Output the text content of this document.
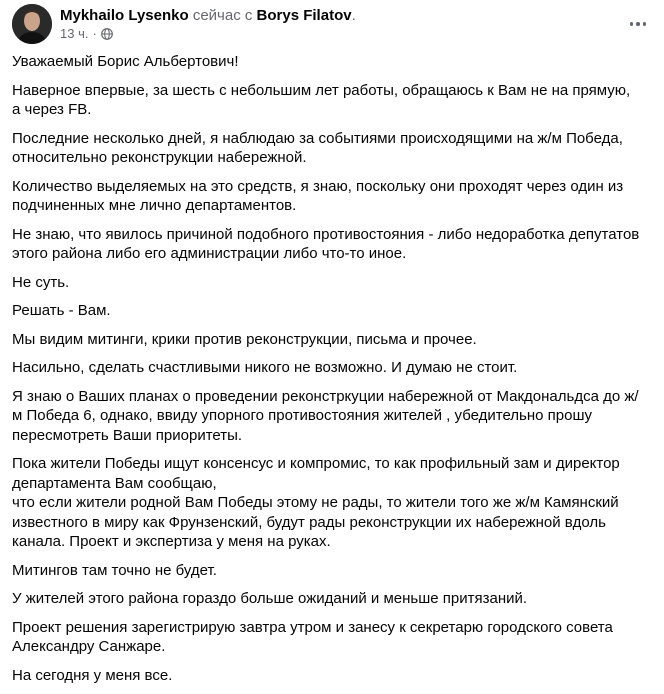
Mykhailo Lysenko сейчас с Borys Filatov.
13 ч. ·

Уважаемый Борис Альбертович!

Наверное впервые, за шесть с небольшим лет работы, обращаюсь к Вам не на прямую, а через FB.

Последние несколько дней, я наблюдаю за событиями происходящими на ж/м Победа, относительно реконструкции набережной.

Количество выделяемых на это средств, я знаю, поскольку они проходят через один из подчиненных мне лично департаментов.

Не знаю, что явилось причиной подобного противостояния - либо недоработка депутатов этого района либо его администрации либо что-то иное.

Не суть.

Решать - Вам.

Мы видим митинги, крики против реконструкции, письма и прочее.

Насильно, сделать счастливыми никого не возможно. И думаю не стоит.

Я знаю о Ваших планах о проведении реконстркуции набережной от Макдональдса до ж/м Победа 6, однако, ввиду упорного противостояния жителей , убедительно прошу пересмотреть Ваши приоритеты.

Пока жители Победы ищут консенсус и компромис, то как профильный зам и директор департамента Вам сообщаю,

что если жители родной Вам Победы этому не рады, то жители того же ж/м Камянский известного в миру как Фрунзенский, будут рады реконструкции их набережной вдоль канала. Проект и экспертиза у меня на руках.

Митингов там точно не будет.

У жителей этого района гораздо больше ожиданий и меньше притязаний.

Проект решения зарегистрирую завтра утром и занесу к секретарю городского совета Александру Санжаре.

На сегодня у меня все.
